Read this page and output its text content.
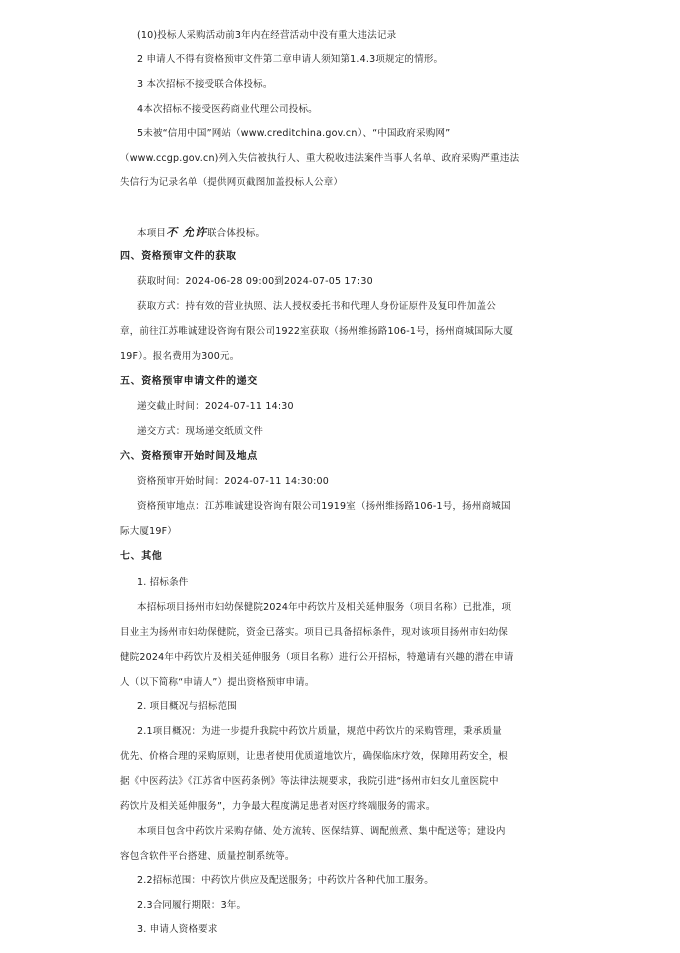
(10)投标人采购活动前3年内在经营活动中没有重大违法记录
2 申请人不得有资格预审文件第二章申请人须知第1.4.3项规定的情形。
3 本次招标不接受联合体投标。
4本次招标不接受医药商业代理公司投标。
5未被“信用中国”网站（www.creditchina.gov.cn）、“中国政府采购网”
（www.ccgp.gov.cn)列入失信被执行人、重大税收违法案件当事人名单、政府采购严重违法
失信行为记录名单（提供网页截图加盖投标人公章）
本项目不 允许联合体投标。
四、资格预审文件的获取
获取时间：2024-06-28 09:00到2024-07-05 17:30
获取方式：持有效的营业执照、法人授权委托书和代理人身份证原件及复印件加盖公
章，前往江苏唯诚建设咨询有限公司1922室获取（扬州维扬路106-1号，扬州商城国际大厦
19F）。报名费用为300元。
五、资格预审申请文件的递交
递交截止时间：2024-07-11 14:30
递交方式：现场递交纸质文件
六、资格预审开始时间及地点
资格预审开始时间：2024-07-11 14:30:00
资格预审地点：江苏唯诚建设咨询有限公司1919室（扬州维扬路106-1号，扬州商城国
际大厦19F）
七、其他
1. 招标条件
本招标项目扬州市妇幼保健院2024年中药饮片及相关延伸服务（项目名称）已批准，项
目业主为扬州市妇幼保健院，资金已落实。项目已具备招标条件，现对该项目扬州市妇幼保
健院2024年中药饮片及相关延伸服务（项目名称）进行公开招标，特邀请有兴趣的潜在申请
人（以下简称“申请人”）提出资格预审申请。
2. 项目概况与招标范围
2.1项目概况：为进一步提升我院中药饮片质量，规范中药饮片的采购管理，秉承质量
优先、价格合理的采购原则，让患者使用优质道地饮片，确保临床疗效，保障用药安全，根
据《中医药法》《江苏省中医药条例》等法律法规要求，我院引进“扬州市妇女儿童医院中
药饮片及相关延伸服务”，力争最大程度满足患者对医疗终端服务的需求。
本项目包含中药饮片采购存储、处方流转、医保结算、调配煎煮、集中配送等；建设内
容包含软件平台搭建、质量控制系统等。
2.2招标范围：中药饮片供应及配送服务；中药饮片各种代加工服务。
2.3合同履行期限：3年。
3. 申请人资格要求
